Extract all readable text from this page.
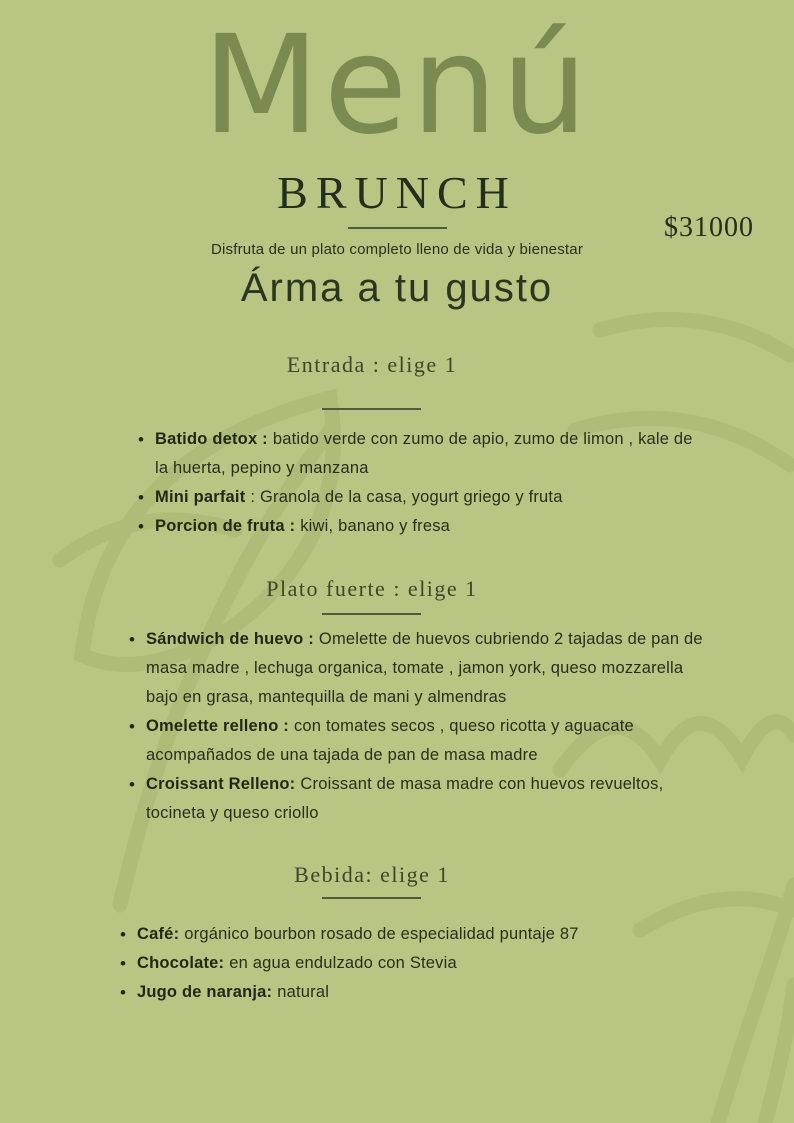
Menú
BRUNCH
$31000

Disfruta de un plato completo lleno de vida y bienestar

Árma a tu gusto

Entrada : elige 1
• Batido detox : batido verde con zumo de apio, zumo de limon , kale de la huerta, pepino y manzana
• Mini parfait : Granola de la casa, yogurt griego y fruta
• Porcion de fruta : kiwi, banano y fresa
Plato fuerte : elige 1
• Sándwich de huevo : Omelette de huevos cubriendo 2 tajadas de pan de masa madre , lechuga organica, tomate , jamon york, queso mozzarella bajo en grasa, mantequilla de mani y almendras
• Omelette relleno : con tomates secos , queso ricotta y aguacate acompañados de una tajada de pan de masa madre
• Croissant Relleno: Croissant de masa madre con huevos revueltos, tocineta y queso criollo
Bebida: elige 1
• Café: orgánico bourbon rosado de especialidad puntaje 87
• Chocolate: en agua endulzado con Stevia
• Jugo de naranja: natural
